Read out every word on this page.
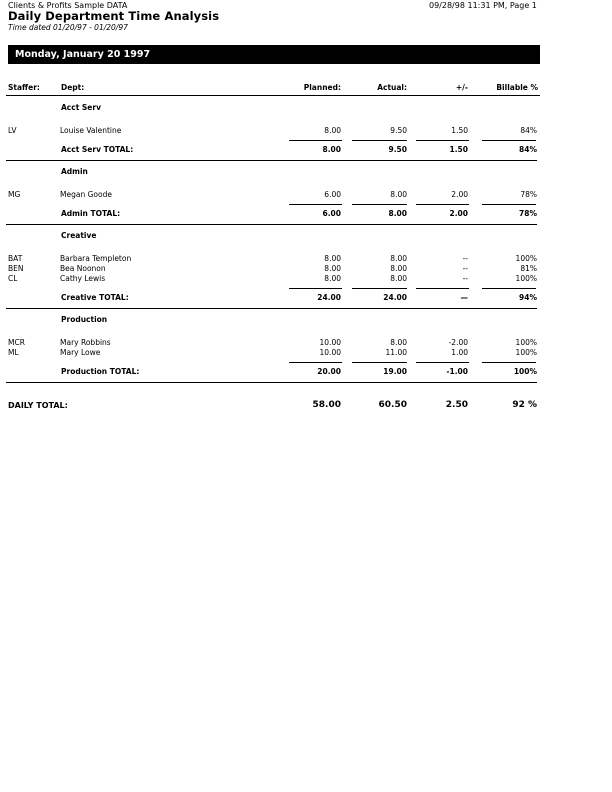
Clients & Profits Sample DATA	09/28/98 11:31 PM, Page 1
Daily Department Time Analysis
Time dated 01/20/97 - 01/20/97
Monday, January 20 1997
Staffer:	Dept:	Planned:	Actual:	+/-	Billable %
Acct Serv
LV	Louise Valentine	8.00	9.50	1.50	84%
Acct Serv TOTAL:	8.00	9.50	1.50	84%
Admin
MG	Megan Goode	6.00	8.00	2.00	78%
Admin TOTAL:	6.00	8.00	2.00	78%
Creative
BAT	Barbara Templeton	8.00	8.00	--	100%
BEN	Bea Noonon	8.00	8.00	--	81%
CL	Cathy Lewis	8.00	8.00	--	100%
Creative TOTAL:	24.00	24.00	—	94%
Production
MCR	Mary Robbins	10.00	8.00	-2.00	100%
ML	Mary Lowe	10.00	11.00	1.00	100%
Production TOTAL:	20.00	19.00	-1.00	100%
DAILY TOTAL:	58.00	60.50	2.50	92 %
